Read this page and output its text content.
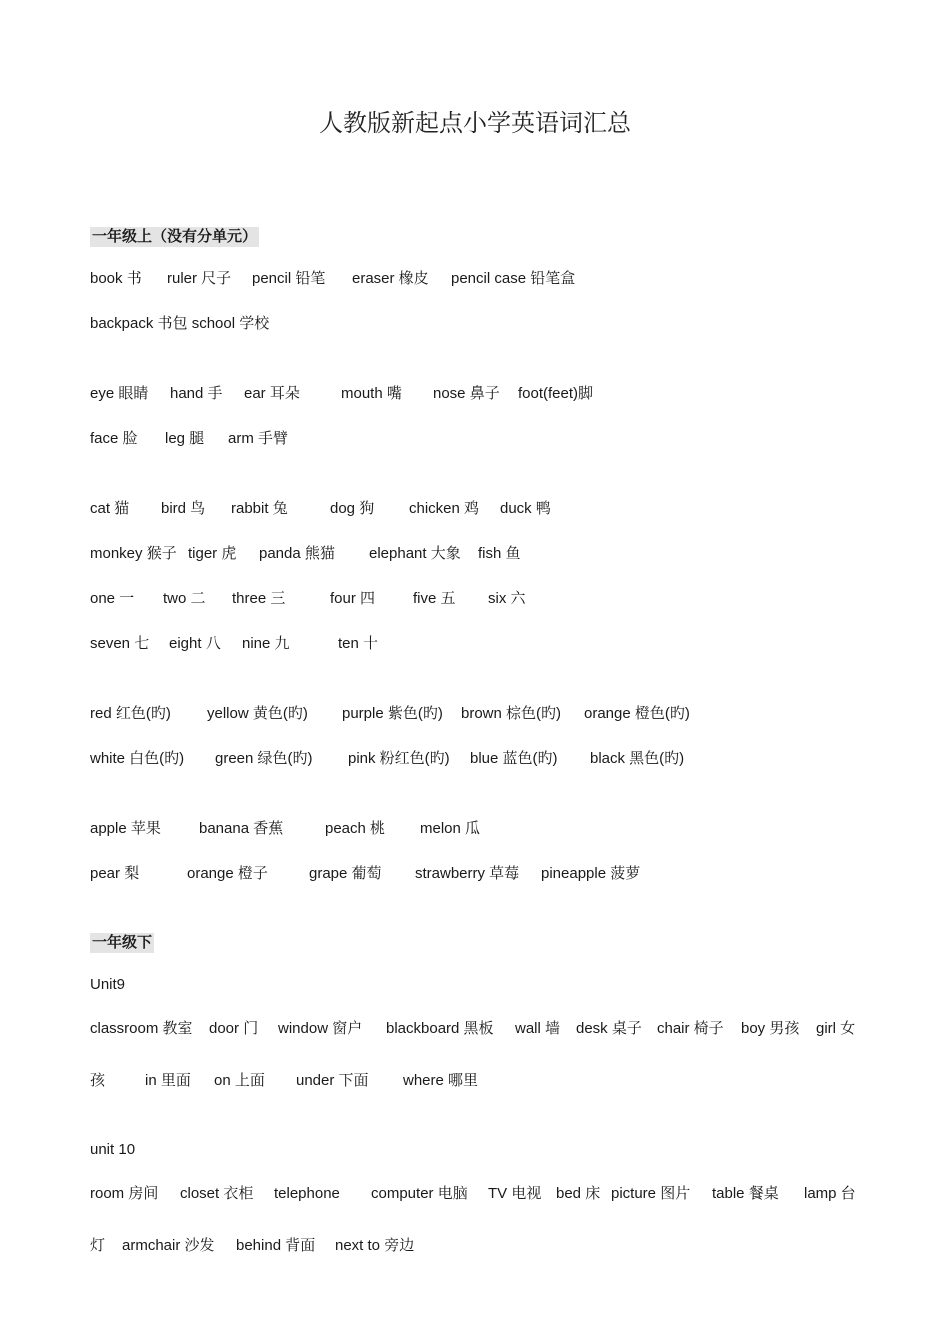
人教版新起点小学英语词汇总
一年级上（没有分单元）
book 书 ruler 尺子 pencil 铅笔 eraser 橡皮 pencil case 铅笔盒
backpack 书包 school 学校
eye 眼睛 hand 手 ear 耳朵	mouth 嘴 nose 鼻子 foot(feet)脚
face 脸 leg 腿 arm 手臂
cat 猫 bird 鸟 rabbit 兔	dog 狗 chicken 鸡 duck 鸭
monkey 猴子 tiger 虎 panda 熊猫 elephant 大象 fish 鱼
one 一 two 二 three 三	four 四	five 五 six 六
seven 七 eight 八 nine 九	ten 十
red 红色(旳) yellow 黄色(旳) purple 紫色(旳) brown 棕色(旳) orange 橙色(旳)
white 白色(旳) green 绿色(旳) pink 粉红色(旳) blue 蓝色(旳) black 黑色(旳)
apple 苹果	banana 香蕉	peach 桃 melon 瓜
pear 梨	orange 橙子	grape 葡萄 strawberry 草莓 pineapple 菠萝
一年级下
Unit9
classroom 教室 door 门 window 窗户 blackboard 黑板 wall 墙 desk 桌子 chair 椅子 boy 男孩 girl 女
孩	in 里面 on 上面 under 下面 where 哪里
unit 10
room 房间 closet 衣柜 telephone computer 电脑 TV 电视 bed 床 picture 图片 table 餐桌 lamp 台
灯 armchair 沙发 behind 背面 next to 旁边
